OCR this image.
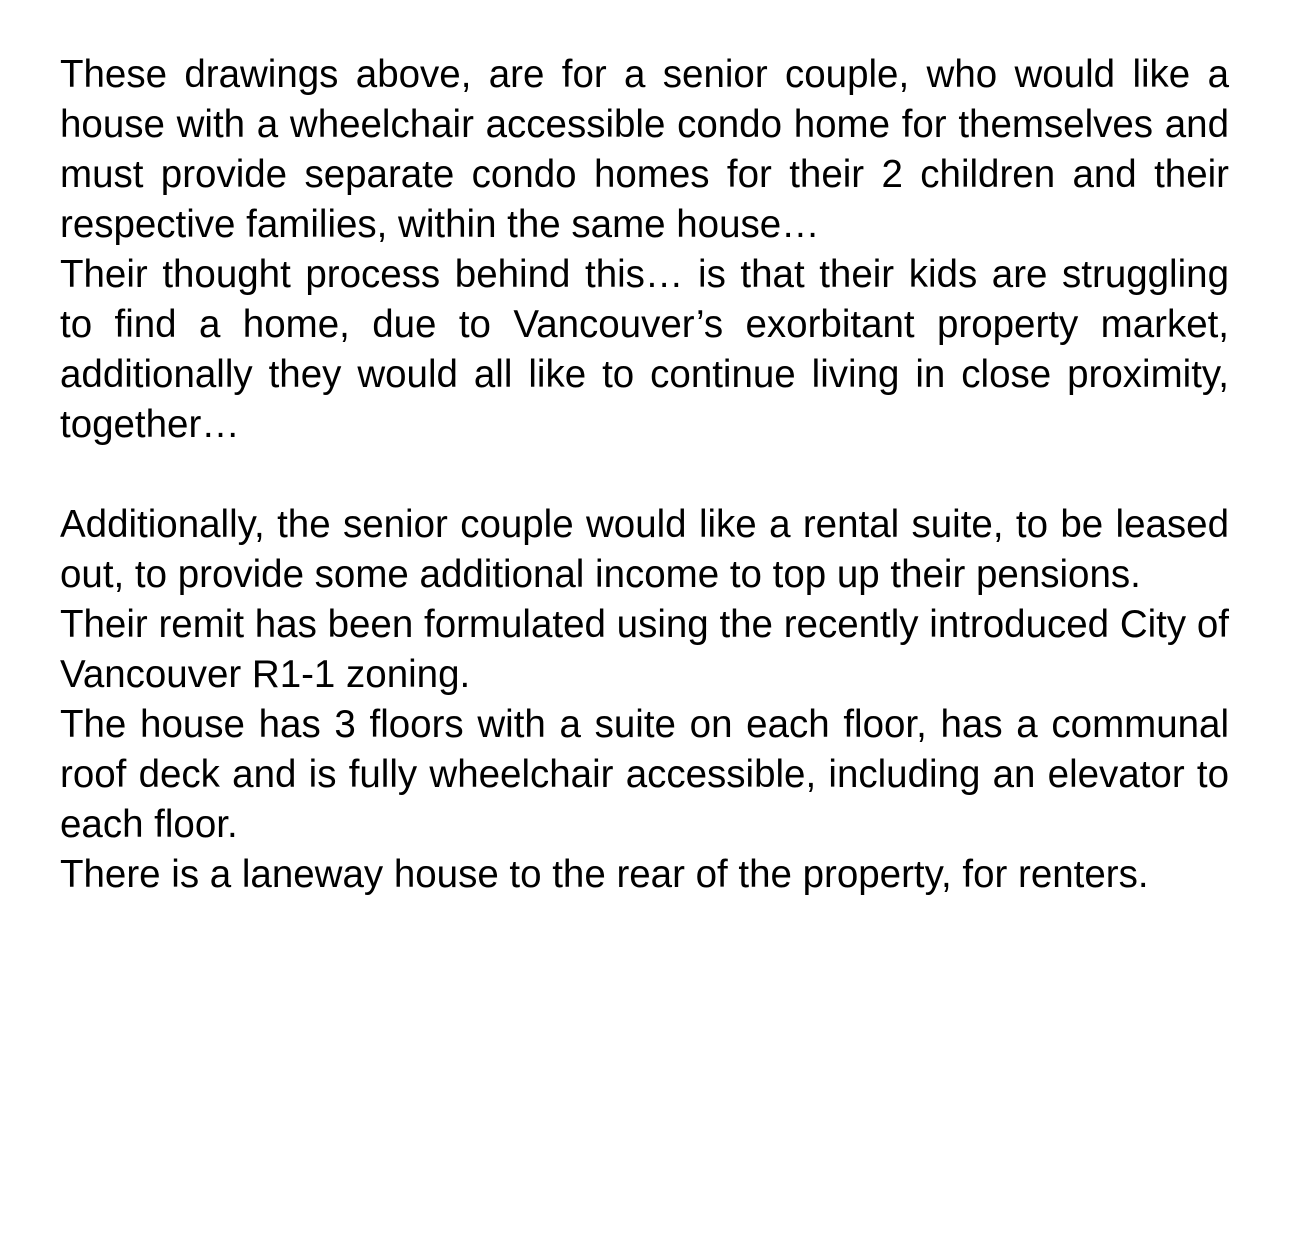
These drawings above, are for a senior couple, who would like a house with a wheelchair accessible condo home for themselves and must provide separate condo homes for their 2 children and their respective families, within the same house…

Their thought process behind this… is that their kids are struggling to find a home, due to Vancouver’s exorbitant property market, additionally they would all like to continue living in close proximity, together…

Additionally, the senior couple would like a rental suite, to be leased out, to provide some additional income to top up their pensions.

Their remit has been formulated using the recently introduced City of Vancouver R1-1 zoning.

The house has 3 floors with a suite on each floor, has a communal roof deck and is fully wheelchair accessible, including an elevator to each floor.

There is a laneway house to the rear of the property, for renters.
